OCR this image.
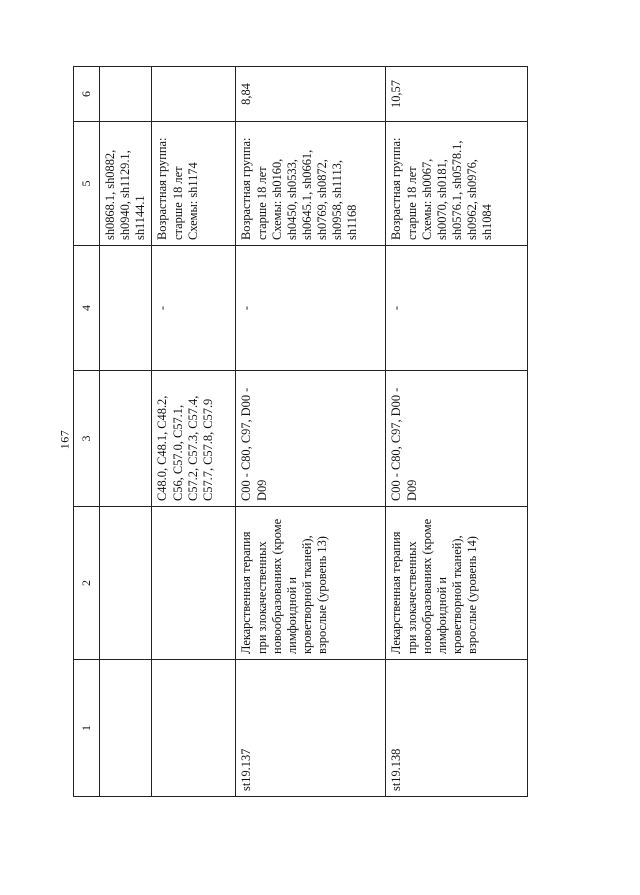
167
1	2	3	4	5	6
				sh0868.1, sh0882, sh0940, sh1129.1, sh1144.1	
		C48.0, C48.1, C48.2, C56, C57.0, C57.1, C57.2, C57.3, C57.4, C57.7, C57.8, C57.9	-	Возрастная группа: старше 18 лет Схемы: sh1174	
st19.137	Лекарственная терапия при злокачественных новообразованиях (кроме лимфоидной и кроветворной тканей), взрослые (уровень 13)	C00 - C80, C97, D00 - D09	-	Возрастная группа: старше 18 лет Схемы: sh0160, sh0450, sh0533, sh0645.1, sh0661, sh0769, sh0872, sh0958, sh1113, sh1168	8,84
st19.138	Лекарственная терапия при злокачественных новообразованиях (кроме лимфоидной и кроветворной тканей), взрослые (уровень 14)	C00 - C80, C97, D00 - D09	-	Возрастная группа: старше 18 лет Схемы: sh0067, sh0070, sh0181, sh0576.1, sh0578.1, sh0962, sh0976, sh1084	10,57
